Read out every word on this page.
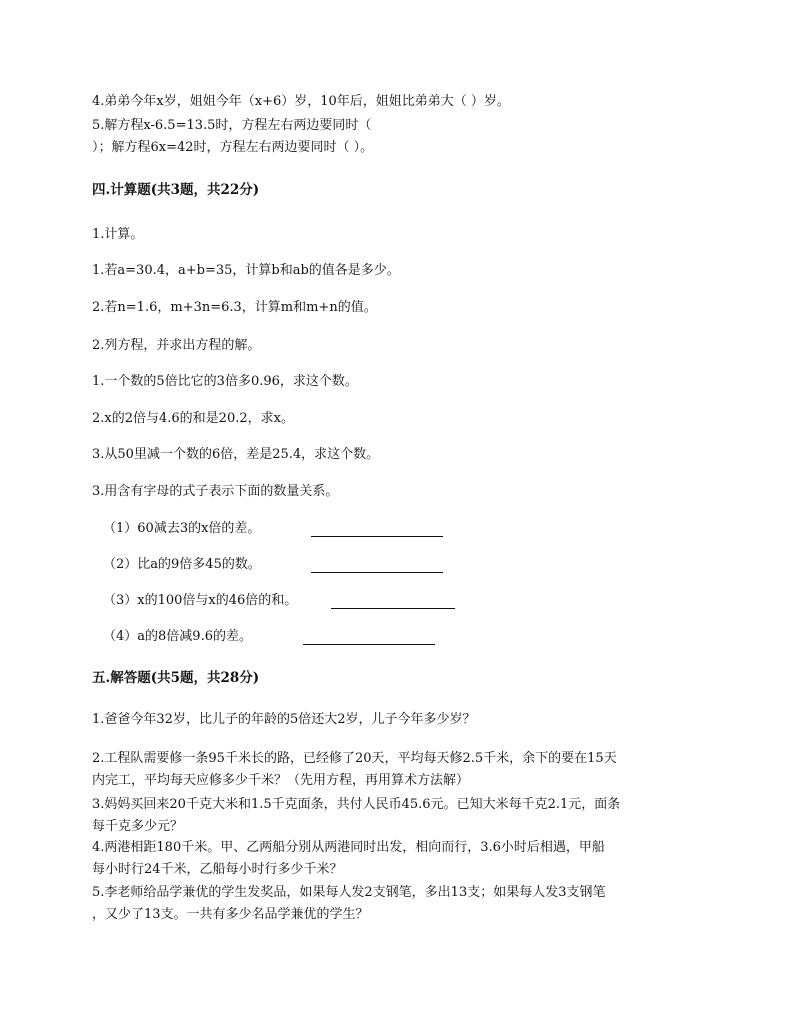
4.弟弟今年x岁，姐姐今年（x+6）岁，10年后，姐姐比弟弟大（ ）岁。
5.解方程x-6.5=13.5时，方程左右两边要同时（
）；解方程6x=42时，方程左右两边要同时（ ）。
四.计算题(共3题，共22分)
1.计算。
1.若a=30.4，a+b=35，计算b和ab的值各是多少。
2.若n=1.6，m+3n=6.3，计算m和m+n的值。
2.列方程，并求出方程的解。
1.一个数的5倍比它的3倍多0.96，求这个数。
2.x的2倍与4.6的和是20.2，求x。
3.从50里减一个数的6倍，差是25.4，求这个数。
3.用含有字母的式子表示下面的数量关系。
（1）60减去3的x倍的差。
（2）比a的9倍多45的数。
（3）x的100倍与x的46倍的和。
（4）a的8倍减9.6的差。
五.解答题(共5题，共28分)
1.爸爸今年32岁，比儿子的年龄的5倍还大2岁，儿子今年多少岁？
2.工程队需要修一条95千米长的路，已经修了20天，平均每天修2.5千米，余下的要在15天
内完工，平均每天应修多少千米？（先用方程，再用算术方法解）
3.妈妈买回来20千克大米和1.5千克面条，共付人民币45.6元。已知大米每千克2.1元，面条
每千克多少元？
4.两港相距180千米。甲、乙两船分别从两港同时出发，相向而行，3.6小时后相遇，甲船
每小时行24千米，乙船每小时行多少千米？
5.李老师给品学兼优的学生发奖品，如果每人发2支钢笔，多出13支；如果每人发3支钢笔
，又少了13支。一共有多少名品学兼优的学生？
